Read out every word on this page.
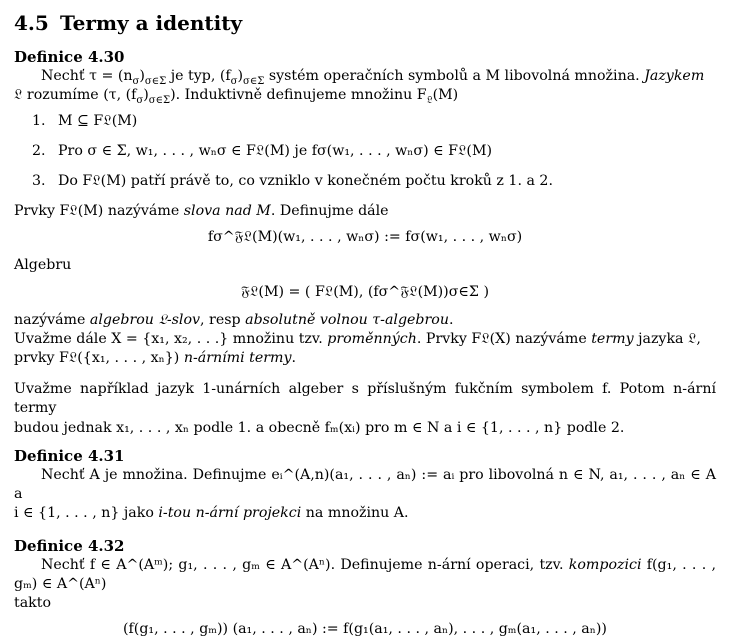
4.5 Termy a identity
Definice 4.30

Nechť $\tau = (n_\sigma)_{\sigma\in\Sigma}$ je typ, $(f_\sigma)_{\sigma\in\Sigma}$ systém operačních symbolů a M libovolná množina. Jazykem

𝔏 rozumíme (τ, $(f_\sigma)_{\sigma\in\Sigma}$). Induktivně definujeme množinu $F_𝔏(M)$

1. M ⊆ F𝔏(M)
2. Pro σ ∈ Σ, w₁, . . . , wₙσ ∈ F𝔏(M) je fσ(w₁, . . . , wₙσ) ∈ F𝔏(M)
3. Do F𝔏(M) patří právě to, co vzniklo v konečném počtu kroků z 1. a 2.

Prvky F𝔏(M) nazýváme slova nad M. Definujme dále

fσ^𝔉𝔏(M)(w₁, . . . , wₙσ) := fσ(w₁, . . . , wₙσ)

Algebru

𝔉𝔏(M) = ( F𝔏(M), (fσ^𝔉𝔏(M))σ∈Σ )

nazýváme algebrou 𝔏-slov, resp absolutně volnou τ-algebrou.

Uvažme dále X = {x₁, x₂, . . .} množinu tzv. proměnných. Prvky F𝔏(X) nazýváme termy jazyka 𝔏,

prvky F𝔏({x₁, . . . , xₙ}) n-árními termy.

Uvažme například jazyk 1-unárních algeber s příslušným fukčním symbolem f. Potom n-ární termy

budou jednak x₁, . . . , xₙ podle 1. a obecně fₘ(xᵢ) pro m ∈ N a i ∈ {1, . . . , n} podle 2.

Definice 4.31

Nechť A je množina. Definujme eᵢ^(A,n)(a₁, . . . , aₙ) := aᵢ pro libovolná n ∈ N, a₁, . . . , aₙ ∈ A a

i ∈ {1, . . . , n} jako i-tou n-ární projekci na množinu A.

Definice 4.32

Nechť f ∈ A^(Aᵐ); g₁, . . . , gₘ ∈ A^(Aⁿ). Definujeme n-ární operaci, tzv. kompozici f(g₁, . . . , gₘ) ∈ A^(Aⁿ)

takto

(f(g₁, . . . , gₘ)) (a₁, . . . , aₙ) := f(g₁(a₁, . . . , aₙ), . . . , gₘ(a₁, . . . , aₙ))
